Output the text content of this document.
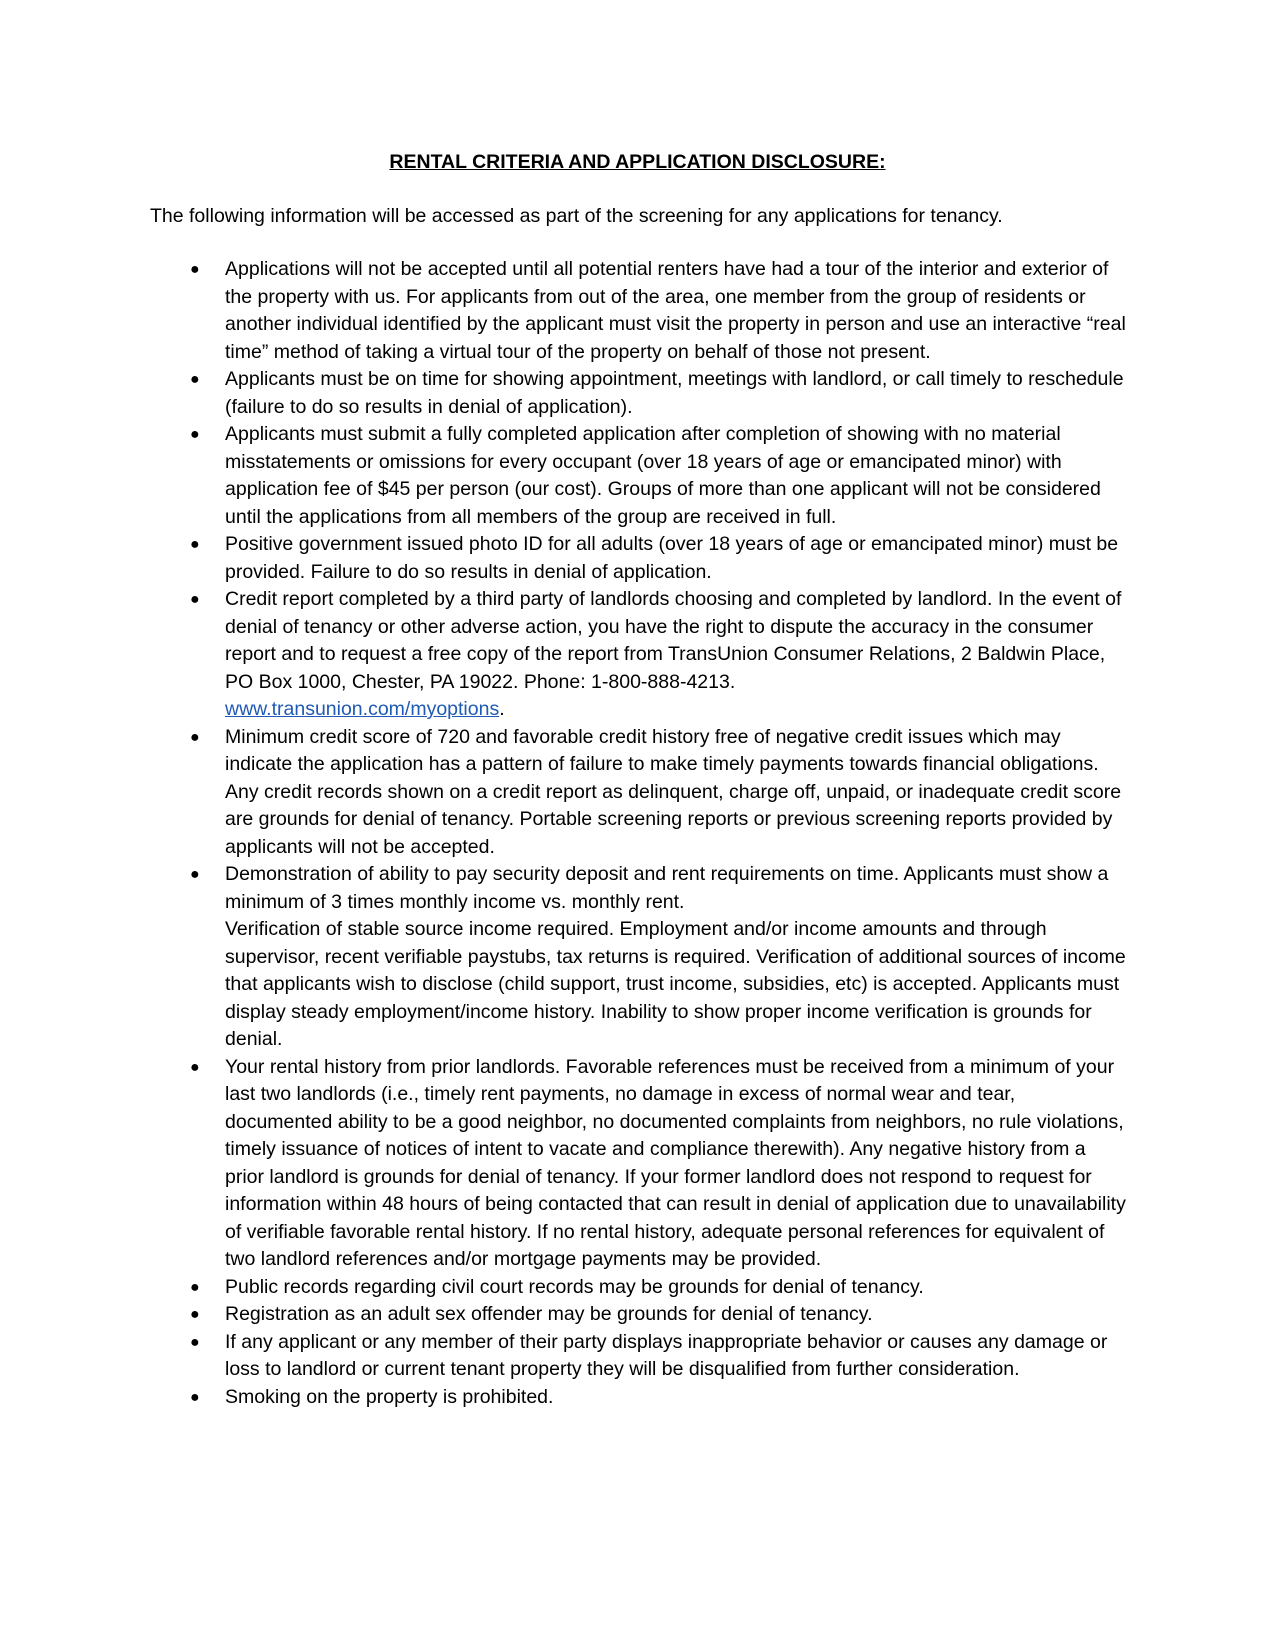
RENTAL CRITERIA AND APPLICATION DISCLOSURE:

The following information will be accessed as part of the screening for any applications for tenancy.

●	Applications will not be accepted until all potential renters have had a tour of the interior and exterior of the property with us. For applicants from out of the area, one member from the group of residents or another individual identified by the applicant must visit the property in person and use an interactive “real time” method of taking a virtual tour of the property on behalf of those not present.
●	Applicants must be on time for showing appointment, meetings with landlord, or call timely to reschedule (failure to do so results in denial of application).
●	Applicants must submit a fully completed application after completion of showing with no material misstatements or omissions for every occupant (over 18 years of age or emancipated minor) with application fee of $45 per person (our cost). Groups of more than one applicant will not be considered until the applications from all members of the group are received in full.
●	Positive government issued photo ID for all adults (over 18 years of age or emancipated minor) must be provided. Failure to do so results in denial of application.
●	Credit report completed by a third party of landlords choosing and completed by landlord. In the event of denial of tenancy or other adverse action, you have the right to dispute the accuracy in the consumer report and to request a free copy of the report from TransUnion Consumer Relations, 2 Baldwin Place, PO Box 1000, Chester, PA 19022. Phone: 1-800-888-4213.
www.transunion.com/myoptions.
●	Minimum credit score of 720 and favorable credit history free of negative credit issues which may indicate the application has a pattern of failure to make timely payments towards financial obligations. Any credit records shown on a credit report as delinquent, charge off, unpaid, or inadequate credit score are grounds for denial of tenancy. Portable screening reports or previous screening reports provided by applicants will not be accepted.
●	Demonstration of ability to pay security deposit and rent requirements on time. Applicants must show a minimum of 3 times monthly income vs. monthly rent.
Verification of stable source income required. Employment and/or income amounts and through supervisor, recent verifiable paystubs, tax returns is required. Verification of additional sources of income that applicants wish to disclose (child support, trust income, subsidies, etc) is accepted. Applicants must display steady employment/income history. Inability to show proper income verification is grounds for denial.
●	Your rental history from prior landlords. Favorable references must be received from a minimum of your last two landlords (i.e., timely rent payments, no damage in excess of normal wear and tear, documented ability to be a good neighbor, no documented complaints from neighbors, no rule violations, timely issuance of notices of intent to vacate and compliance therewith). Any negative history from a prior landlord is grounds for denial of tenancy. If your former landlord does not respond to request for information within 48 hours of being contacted that can result in denial of application due to unavailability of verifiable favorable rental history. If no rental history, adequate personal references for equivalent of two landlord references and/or mortgage payments may be provided.
●	Public records regarding civil court records may be grounds for denial of tenancy.
●	Registration as an adult sex offender may be grounds for denial of tenancy.
●	If any applicant or any member of their party displays inappropriate behavior or causes any damage or loss to landlord or current tenant property they will be disqualified from further consideration.
●	Smoking on the property is prohibited.
